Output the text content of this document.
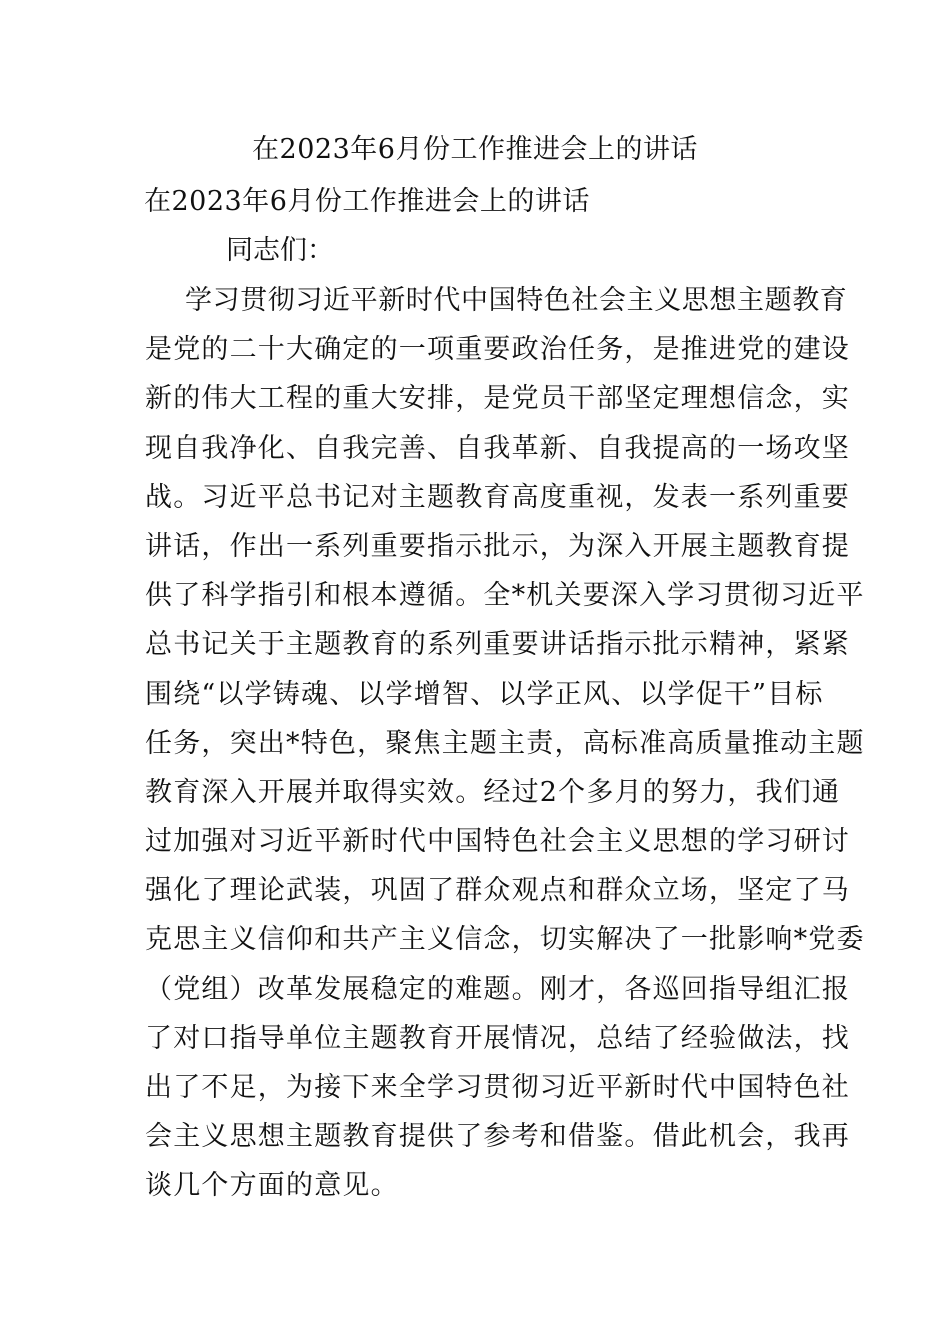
在2023年6月份工作推进会上的讲话
在2023年6月份工作推进会上的讲话
同志们：
学习贯彻习近平新时代中国特色社会主义思想主题教育
是党的二十大确定的一项重要政治任务，是推进党的建设
新的伟大工程的重大安排，是党员干部坚定理想信念，实
现自我净化、自我完善、自我革新、自我提高的一场攻坚
战。习近平总书记对主题教育高度重视，发表一系列重要
讲话，作出一系列重要指示批示，为深入开展主题教育提
供了科学指引和根本遵循。全*机关要深入学习贯彻习近平
总书记关于主题教育的系列重要讲话指示批示精神，紧紧
围绕“以学铸魂、以学增智、以学正风、以学促干”目标
任务，突出*特色，聚焦主题主责，高标准高质量推动主题
教育深入开展并取得实效。经过2个多月的努力，我们通
过加强对习近平新时代中国特色社会主义思想的学习研讨
强化了理论武装，巩固了群众观点和群众立场，坚定了马
克思主义信仰和共产主义信念，切实解决了一批影响*党委
（党组）改革发展稳定的难题。刚才，各巡回指导组汇报
了对口指导单位主题教育开展情况，总结了经验做法，找
出了不足，为接下来全学习贯彻习近平新时代中国特色社
会主义思想主题教育提供了参考和借鉴。借此机会，我再
谈几个方面的意见。
